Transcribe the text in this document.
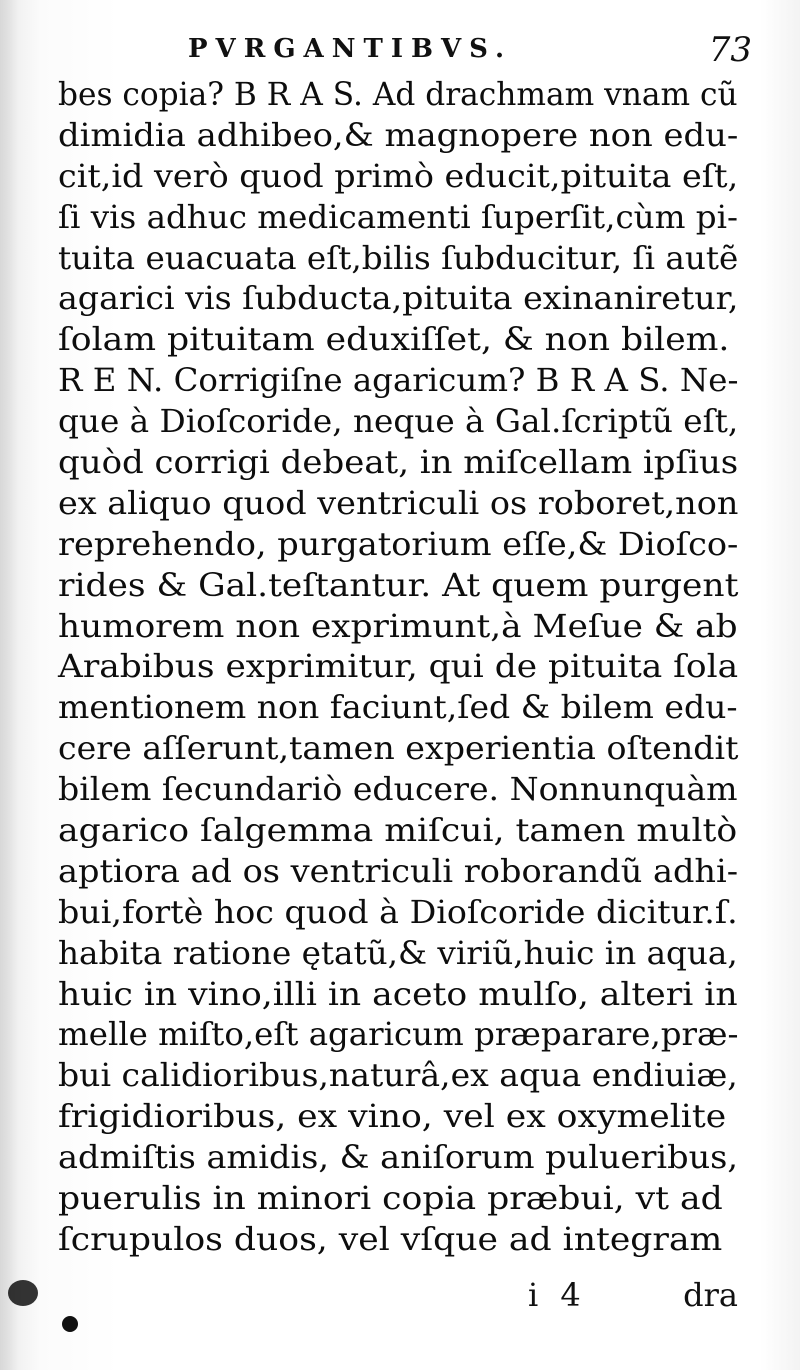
PVRGANTIBVS.	73
bes copia? B R A S. Ad drachmam vnam cũ
dimidia adhibeo,& magnopere non edu-
cit,id verò quod primò educit,pituita eſt,
ſi vis adhuc medicamenti ſuperſit,cùm pi-
tuita euacuata eſt,bilis ſubducitur, ſi autẽ
agarici vis ſubducta,pituita exinaniretur,
ſolam pituitam eduxiſſet, & non bilem.
R E N. Corrigiſne agaricum? B R A S. Ne-
que à Dioſcoride, neque à Gal.ſcriptũ eſt,
quòd corrigi debeat, in miſcellam ipſius
ex aliquo quod ventriculi os roboret,non
reprehendo, purgatorium eſſe,& Dioſco-
rides & Gal.teſtantur. At quem purgent
humorem non exprimunt,à Meſue & ab
Arabibus exprimitur, qui de pituita ſola
mentionem non faciunt,ſed & bilem edu-
cere aſſerunt,tamen experientia oſtendit
bilem ſecundariò educere. Nonnunquàm
agarico ſalgemma miſcui, tamen multò
aptiora ad os ventriculi roborandũ adhi-
bui,fortè hoc quod à Dioſcoride dicitur.ſ.
habita ratione ętatũ,& viriũ,huic in aqua,
huic in vino,illi in aceto mulſo, alteri in
melle miſto,eſt agaricum præparare,præ-
bui calidioribus,naturâ,ex aqua endiuiæ,
frigidioribus, ex vino, vel ex oxymelite
admiſtis amidis, & aniſorum pulueribus,
puerulis in minori copia præbui, vt ad
ſcrupulos duos, vel vſque ad integram

i 4	dra
